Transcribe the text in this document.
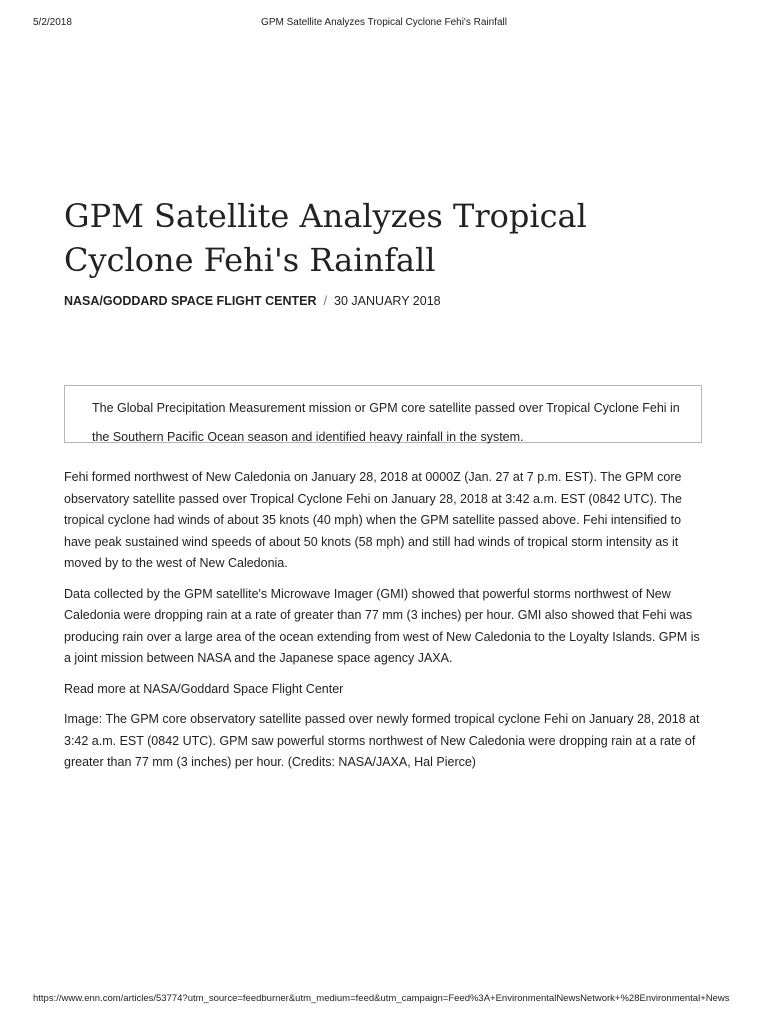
5/2/2018	GPM Satellite Analyzes Tropical Cyclone Fehi's Rainfall
GPM Satellite Analyzes Tropical Cyclone Fehi's Rainfall
NASA/GODDARD SPACE FLIGHT CENTER / 30 JANUARY 2018

The Global Precipitation Measurement mission or GPM core satellite passed over Tropical Cyclone Fehi in the Southern Pacific Ocean season and identified heavy rainfall in the system.

Fehi formed northwest of New Caledonia on January 28, 2018 at 0000Z (Jan. 27 at 7 p.m. EST). The GPM core observatory satellite passed over Tropical Cyclone Fehi on January 28, 2018 at 3:42 a.m. EST (0842 UTC). The tropical cyclone had winds of about 35 knots (40 mph) when the GPM satellite passed above. Fehi intensified to have peak sustained wind speeds of about 50 knots (58 mph) and still had winds of tropical storm intensity as it moved by to the west of New Caledonia.

Data collected by the GPM satellite's Microwave Imager (GMI) showed that powerful storms northwest of New Caledonia were dropping rain at a rate of greater than 77 mm (3 inches) per hour. GMI also showed that Fehi was producing rain over a large area of the ocean extending from west of New Caledonia to the Loyalty Islands. GPM is a joint mission between NASA and the Japanese space agency JAXA.

Read more at NASA/Goddard Space Flight Center

Image: The GPM core observatory satellite passed over newly formed tropical cyclone Fehi on January 28, 2018 at 3:42 a.m. EST (0842 UTC). GPM saw powerful storms northwest of New Caledonia were dropping rain at a rate of greater than 77 mm (3 inches) per hour. (Credits: NASA/JAXA, Hal Pierce)

https://www.enn.com/articles/53774?utm_source=feedburner&utm_medium=feed&utm_campaign=Feed%3A+EnvironmentalNewsNetwork+%28Environmental+News
